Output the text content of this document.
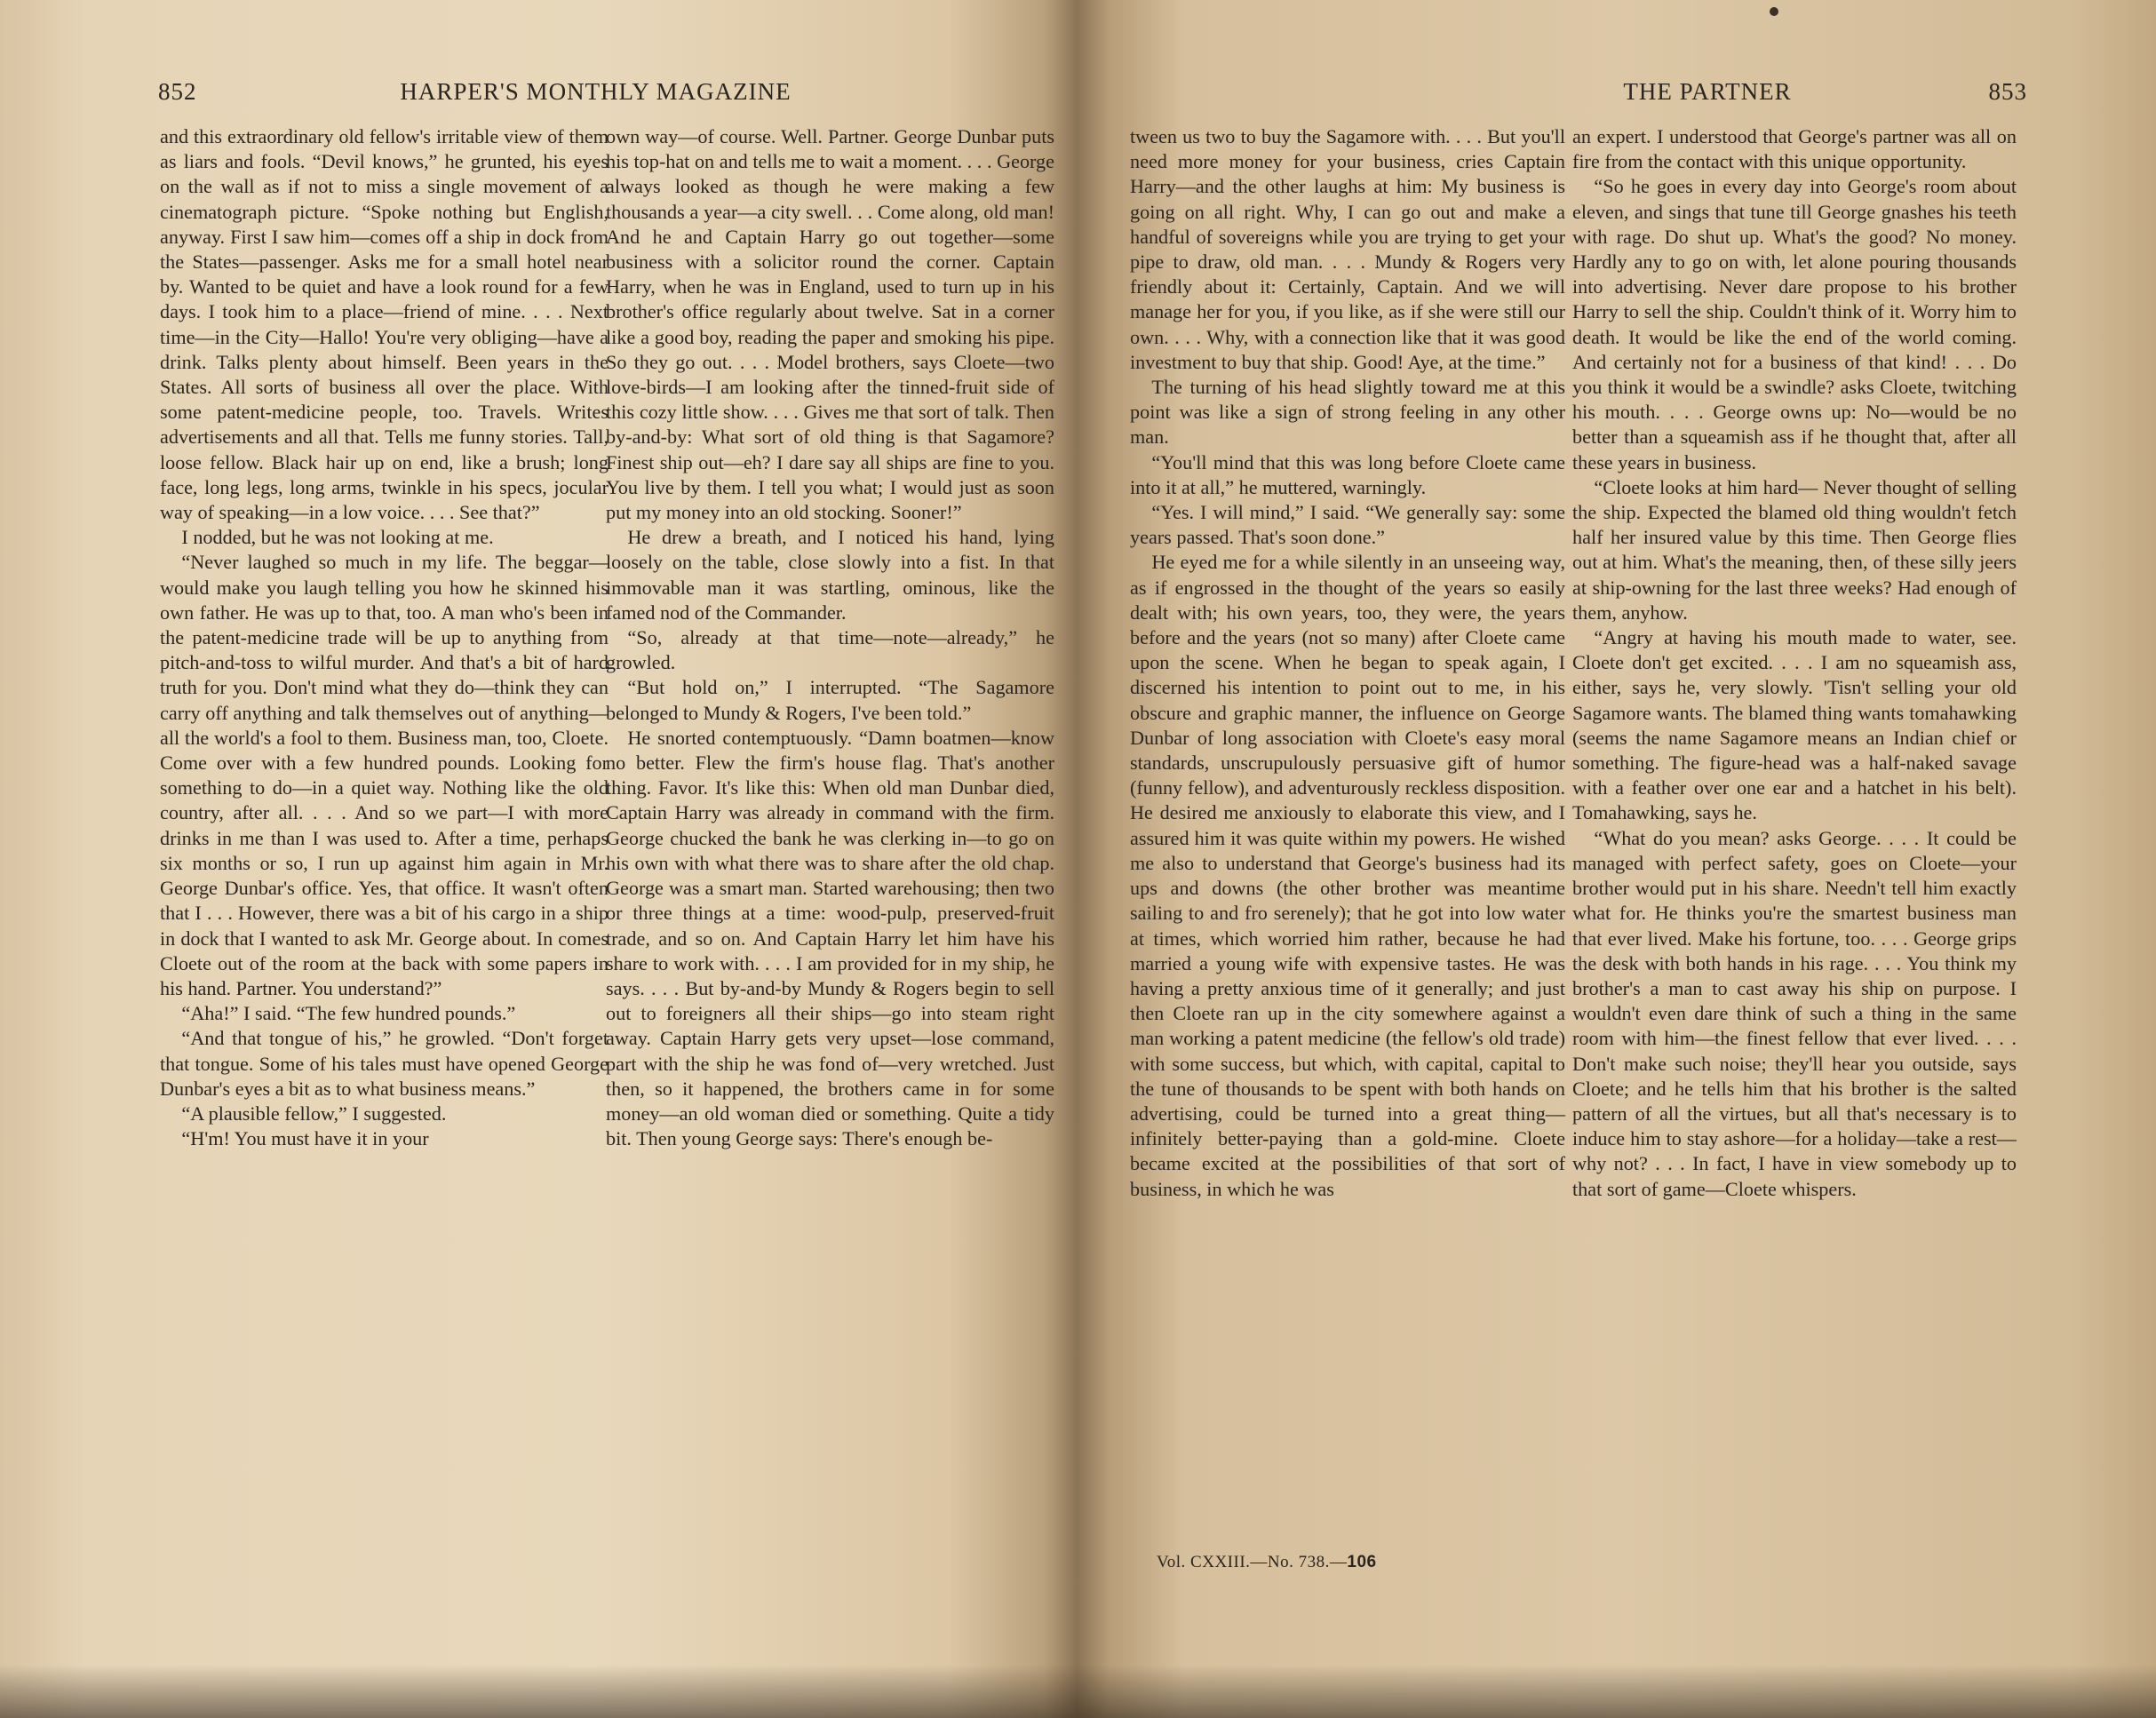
852	HARPER'S MONTHLY MAGAZINE

and this extraordinary old fellow's irritable view of them as liars and fools. “Devil knows,” he grunted, his eyes on the wall as if not to miss a single movement of a cinematograph picture. “Spoke nothing but English, anyway. First I saw him—comes off a ship in dock from the States—passenger. Asks me for a small hotel near by. Wanted to be quiet and have a look round for a few days. I took him to a place—friend of mine. . . . Next time—in the City—Hallo! You're very obliging—have a drink. Talks plenty about himself. Been years in the States. All sorts of business all over the place. With some patent-medicine people, too. Travels. Writes advertisements and all that. Tells me funny stories. Tall, loose fellow. Black hair up on end, like a brush; long face, long legs, long arms, twinkle in his specs, jocular way of speaking—in a low voice. . . . See that?”

I nodded, but he was not looking at me.

“Never laughed so much in my life. The beggar—would make you laugh telling you how he skinned his own father. He was up to that, too. A man who's been in the patent-medicine trade will be up to anything from pitch-and-toss to wilful murder. And that's a bit of hard truth for you. Don't mind what they do—think they can carry off anything and talk themselves out of anything—all the world's a fool to them. Business man, too, Cloete. Come over with a few hundred pounds. Looking for something to do—in a quiet way. Nothing like the old country, after all. . . . And so we part—I with more drinks in me than I was used to. After a time, perhaps six months or so, I run up against him again in Mr. George Dunbar's office. Yes, that office. It wasn't often that I . . . However, there was a bit of his cargo in a ship in dock that I wanted to ask Mr. George about. In comes Cloete out of the room at the back with some papers in his hand. Partner. You understand?”

“Aha!” I said. “The few hundred pounds.”

“And that tongue of his,” he growled. “Don't forget that tongue. Some of his tales must have opened George Dunbar's eyes a bit as to what business means.”

“A plausible fellow,” I suggested.

“H'm! You must have it in your

own way—of course. Well. Partner. George Dunbar puts his top-hat on and tells me to wait a moment. . . . George always looked as though he were making a few thousands a year—a city swell. . . Come along, old man! And he and Captain Harry go out together—some business with a solicitor round the corner. Captain Harry, when he was in England, used to turn up in his brother's office regularly about twelve. Sat in a corner like a good boy, reading the paper and smoking his pipe. So they go out. . . . Model brothers, says Cloete—two love-birds—I am looking after the tinned-fruit side of this cozy little show. . . . Gives me that sort of talk. Then by-and-by: What sort of old thing is that Sagamore? Finest ship out—eh? I dare say all ships are fine to you. You live by them. I tell you what; I would just as soon put my money into an old stocking. Sooner!”

He drew a breath, and I noticed his hand, lying loosely on the table, close slowly into a fist. In that immovable man it was startling, ominous, like the famed nod of the Commander.

“So, already at that time—note—already,” he growled.

“But hold on,” I interrupted. “The Sagamore belonged to Mundy & Rogers, I've been told.”

He snorted contemptuously. “Damn boatmen—know no better. Flew the firm's house flag. That's another thing. Favor. It's like this: When old man Dunbar died, Captain Harry was already in command with the firm. George chucked the bank he was clerking in—to go on his own with what there was to share after the old chap. George was a smart man. Started warehousing; then two or three things at a time: wood-pulp, preserved-fruit trade, and so on. And Captain Harry let him have his share to work with. . . . I am provided for in my ship, he says. . . . But by-and-by Mundy & Rogers begin to sell out to foreigners all their ships—go into steam right away. Captain Harry gets very upset—lose command, part with the ship he was fond of—very wretched. Just then, so it happened, the brothers came in for some money—an old woman died or something. Quite a tidy bit. Then young George says: There's enough be-

THE PARTNER	853

tween us two to buy the Sagamore with. . . . But you'll need more money for your business, cries Captain Harry—and the other laughs at him: My business is going on all right. Why, I can go out and make a handful of sovereigns while you are trying to get your pipe to draw, old man. . . . Mundy & Rogers very friendly about it: Certainly, Captain. And we will manage her for you, if you like, as if she were still our own. . . . Why, with a connection like that it was good investment to buy that ship. Good! Aye, at the time.”

The turning of his head slightly toward me at this point was like a sign of strong feeling in any other man.

“You'll mind that this was long before Cloete came into it at all,” he muttered, warningly.

“Yes. I will mind,” I said. “We generally say: some years passed. That's soon done.”

He eyed me for a while silently in an unseeing way, as if engrossed in the thought of the years so easily dealt with; his own years, too, they were, the years before and the years (not so many) after Cloete came upon the scene. When he began to speak again, I discerned his intention to point out to me, in his obscure and graphic manner, the influence on George Dunbar of long association with Cloete's easy moral standards, unscrupulously persuasive gift of humor (funny fellow), and adventurously reckless disposition. He desired me anxiously to elaborate this view, and I assured him it was quite within my powers. He wished me also to understand that George's business had its ups and downs (the other brother was meantime sailing to and fro serenely); that he got into low water at times, which worried him rather, because he had married a young wife with expensive tastes. He was having a pretty anxious time of it generally; and just then Cloete ran up in the city somewhere against a man working a patent medicine (the fellow's old trade) with some success, but which, with capital, capital to the tune of thousands to be spent with both hands on advertising, could be turned into a great thing—infinitely better-paying than a gold-mine. Cloete became excited at the possibilities of that sort of business, in which he was

an expert. I understood that George's partner was all on fire from the contact with this unique opportunity.

“So he goes in every day into George's room about eleven, and sings that tune till George gnashes his teeth with rage. Do shut up. What's the good? No money. Hardly any to go on with, let alone pouring thousands into advertising. Never dare propose to his brother Harry to sell the ship. Couldn't think of it. Worry him to death. It would be like the end of the world coming. And certainly not for a business of that kind! . . . Do you think it would be a swindle? asks Cloete, twitching his mouth. . . . George owns up: No—would be no better than a squeamish ass if he thought that, after all these years in business.

“Cloete looks at him hard— Never thought of selling the ship. Expected the blamed old thing wouldn't fetch half her insured value by this time. Then George flies out at him. What's the meaning, then, of these silly jeers at ship-owning for the last three weeks? Had enough of them, anyhow.

“Angry at having his mouth made to water, see. Cloete don't get excited. . . . I am no squeamish ass, either, says he, very slowly. 'Tisn't selling your old Sagamore wants. The blamed thing wants tomahawking (seems the name Sagamore means an Indian chief or something. The figure-head was a half-naked savage with a feather over one ear and a hatchet in his belt). Tomahawking, says he.

“What do you mean? asks George. . . . It could be managed with perfect safety, goes on Cloete—your brother would put in his share. Needn't tell him exactly what for. He thinks you're the smartest business man that ever lived. Make his fortune, too. . . . George grips the desk with both hands in his rage. . . . You think my brother's a man to cast away his ship on purpose. I wouldn't even dare think of such a thing in the same room with him—the finest fellow that ever lived. . . . Don't make such noise; they'll hear you outside, says Cloete; and he tells him that his brother is the salted pattern of all the virtues, but all that's necessary is to induce him to stay ashore—for a holiday—take a rest—why not? . . . In fact, I have in view somebody up to that sort of game—Cloete whispers.

Vol. CXXIII.—No. 738.—106
